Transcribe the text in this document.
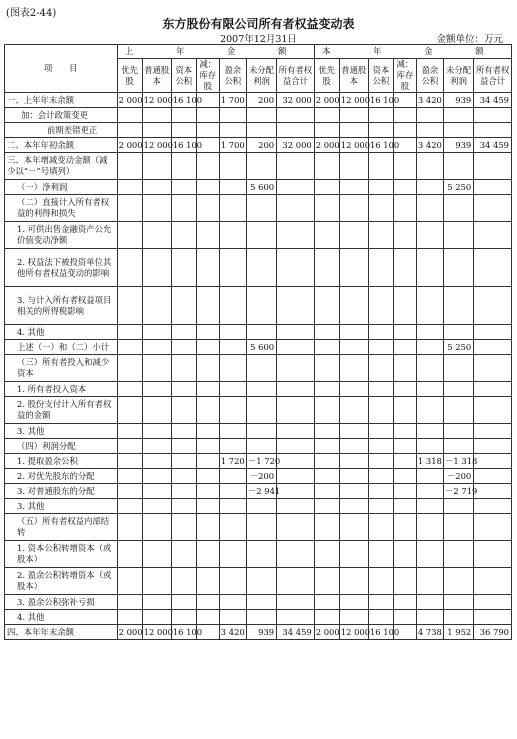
(图表2-44)
东方股份有限公司所有者权益变动表
2007年12月31日	金额单位：万元
项　　目	上 年 金 额							本 年 金 额						
	优先股	普通股本	资本公积	减：库存股	盈余公积	未分配利润	所有者权益合计	优先股	普通股本	资本公积	减：库存股	盈余公积	未分配利润	所有者权益合计
一、上年年末余额	2 000	12 000	16 100		1 700	200	32 000	2 000	12 000	16 100		3 420	939	34 459
加：会计政策变更														
前期差错更正														
二、本年年初余额	2 000	12 000	16 100		1 700	200	32 000	2 000	12 000	16 100		3 420	939	34 459
三、本年增减变动金额（减少以“－”号填列）														
（一）净利润						5 600							5 250	
（二）直接计入所有者权益的利得和损失														
1. 可供出售金融资产公允价值变动净额														
2. 权益法下被投资单位其他所有者权益变动的影响														
3. 与计入所有者权益项目相关的所得税影响														
4. 其他														
上述（一）和（二）小计						5 600							5 250	
（三）所有者投入和减少资本														
1. 所有者投入资本														
2. 股份支付计入所有者权益的金额														
3. 其他														
（四）利润分配														
1. 提取盈余公积					1 720	－1 720						1 318	－1 318	
2. 对优先股东的分配						－200							－200	
3. 对普通股东的分配						－2 941							－2 719	
3. 其他														
（五）所有者权益内部结转														
1. 资本公积转增资本（或股本）														
2. 盈余公积转增资本（或股本）														
3. 盈余公积弥补亏损														
4. 其他														
四、本年年末余额	2 000	12 000	16 100		3 420	939	34 459	2 000	12 000	16 100		4 738	1 952	36 790
